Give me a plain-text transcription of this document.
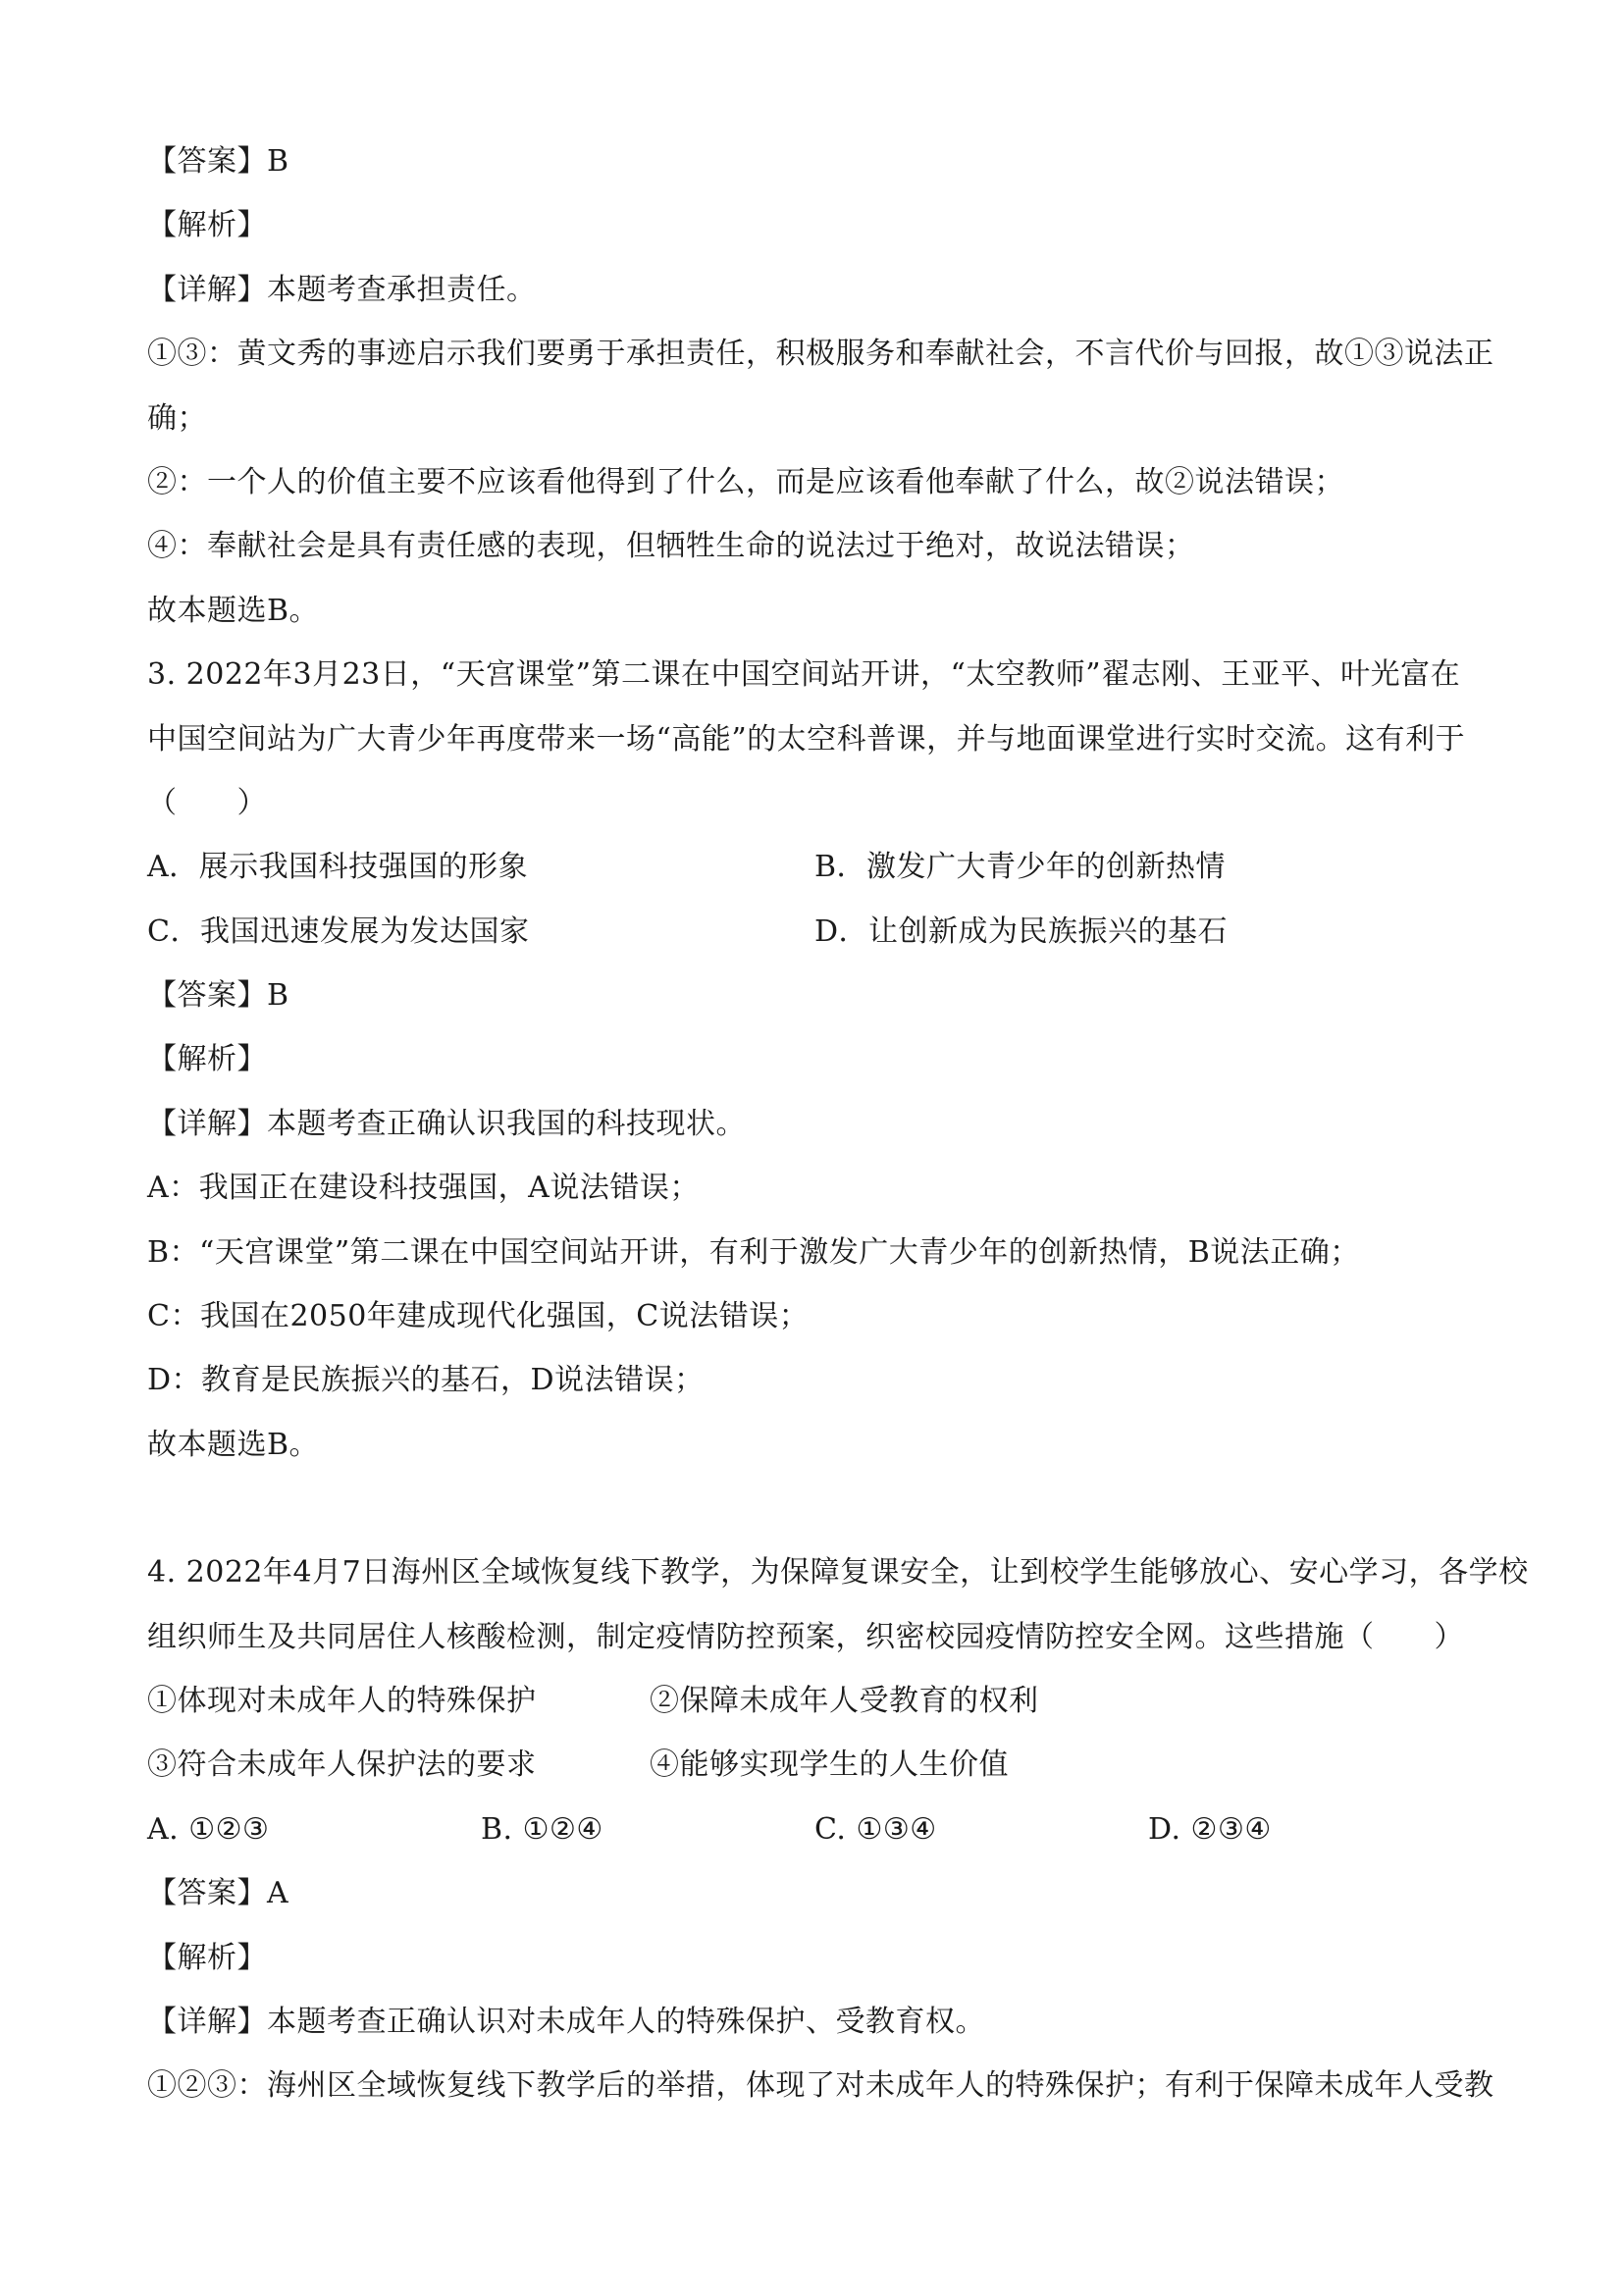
【答案】B
【解析】
【详解】本题考查承担责任。
①③：黄文秀的事迹启示我们要勇于承担责任，积极服务和奉献社会，不言代价与回报，故①③说法正
确；
②：一个人的价值主要不应该看他得到了什么，而是应该看他奉献了什么，故②说法错误；
④：奉献社会是具有责任感的表现，但牺牲生命的说法过于绝对，故说法错误；
故本题选B。
3. 2022年3月23日，“天宫课堂”第二课在中国空间站开讲，“太空教师”翟志刚、王亚平、叶光富在
中国空间站为广大青少年再度带来一场“高能”的太空科普课，并与地面课堂进行实时交流。这有利于
（　　）
A．展示我国科技强国的形象	B．激发广大青少年的创新热情
C．我国迅速发展为发达国家	D．让创新成为民族振兴的基石
【答案】B
【解析】
【详解】本题考查正确认识我国的科技现状。
A：我国正在建设科技强国，A说法错误；
B：“天宫课堂”第二课在中国空间站开讲，有利于激发广大青少年的创新热情，B说法正确；
C：我国在2050年建成现代化强国，C说法错误；
D：教育是民族振兴的基石，D说法错误；
故本题选B。
4. 2022年4月7日海州区全域恢复线下教学，为保障复课安全，让到校学生能够放心、安心学习，各学校
组织师生及共同居住人核酸检测，制定疫情防控预案，织密校园疫情防控安全网。这些措施（　　）
①体现对未成年人的特殊保护	②保障未成年人受教育的权利
③符合未成年人保护法的要求	④能够实现学生的人生价值
A. ①②③	B. ①②④	C. ①③④	D. ②③④
【答案】A
【解析】
【详解】本题考查正确认识对未成年人的特殊保护、受教育权。
①②③：海州区全域恢复线下教学后的举措，体现了对未成年人的特殊保护；有利于保障未成年人受教
